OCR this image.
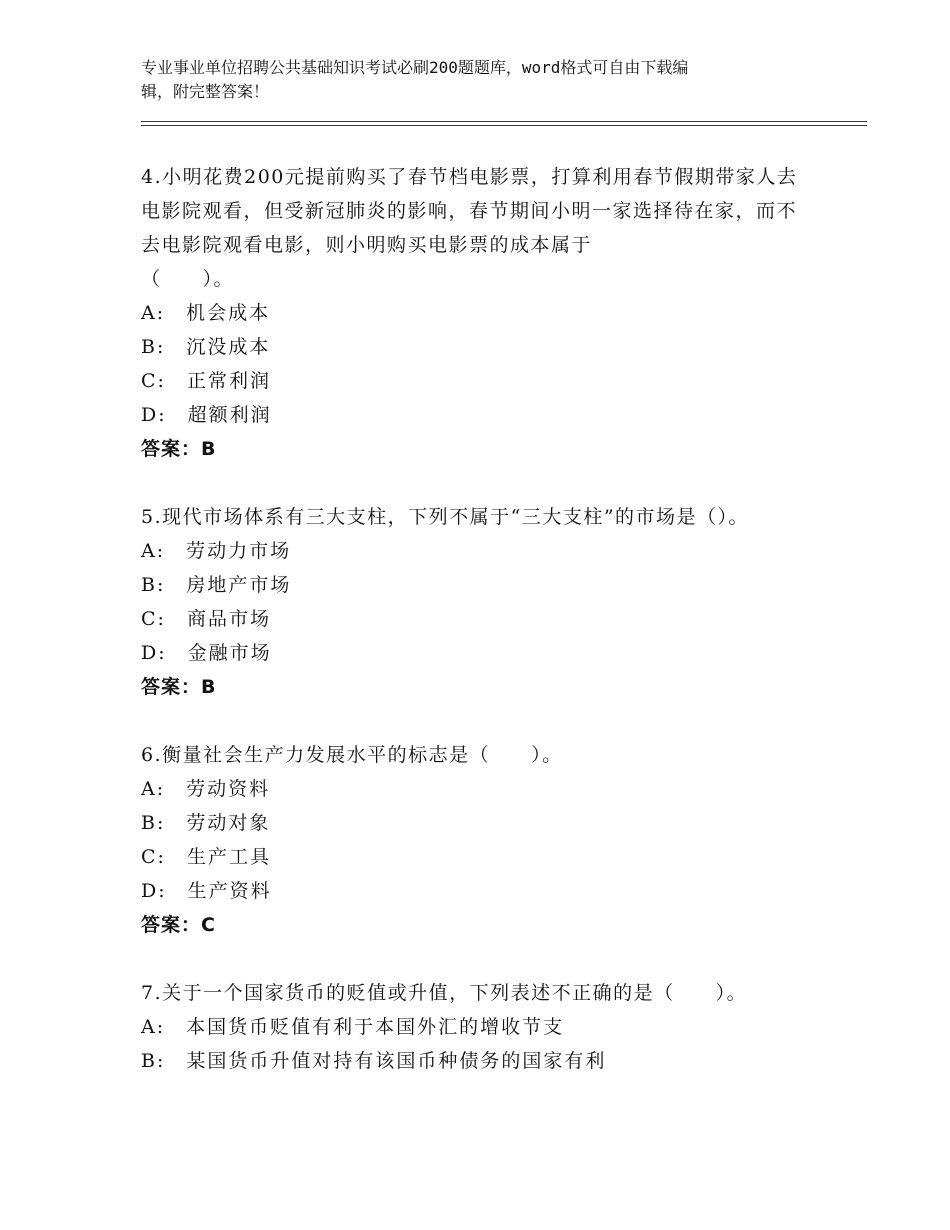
专业事业单位招聘公共基础知识考试必刷200题题库，word格式可自由下载编
辑，附完整答案！
4.小明花费200元提前购买了春节档电影票，打算利用春节假期带家人去电影院观看，但受新冠肺炎的影响，春节期间小明一家选择待在家，而不去电影院观看电影，则小明购买电影票的成本属于
（　　）。
A:　机会成本
B:　沉没成本
C:　正常利润
D:　超额利润
答案：B
5.现代市场体系有三大支柱，下列不属于“三大支柱”的市场是（）。
A:　劳动力市场
B:　房地产市场
C:　商品市场
D:　金融市场
答案：B
6.衡量社会生产力发展水平的标志是（　　）。
A:　劳动资料
B:　劳动对象
C:　生产工具
D:　生产资料
答案：C
7.关于一个国家货币的贬值或升值，下列表述不正确的是（　　）。
A:　本国货币贬值有利于本国外汇的增收节支
B:　某国货币升值对持有该国币种债务的国家有利
